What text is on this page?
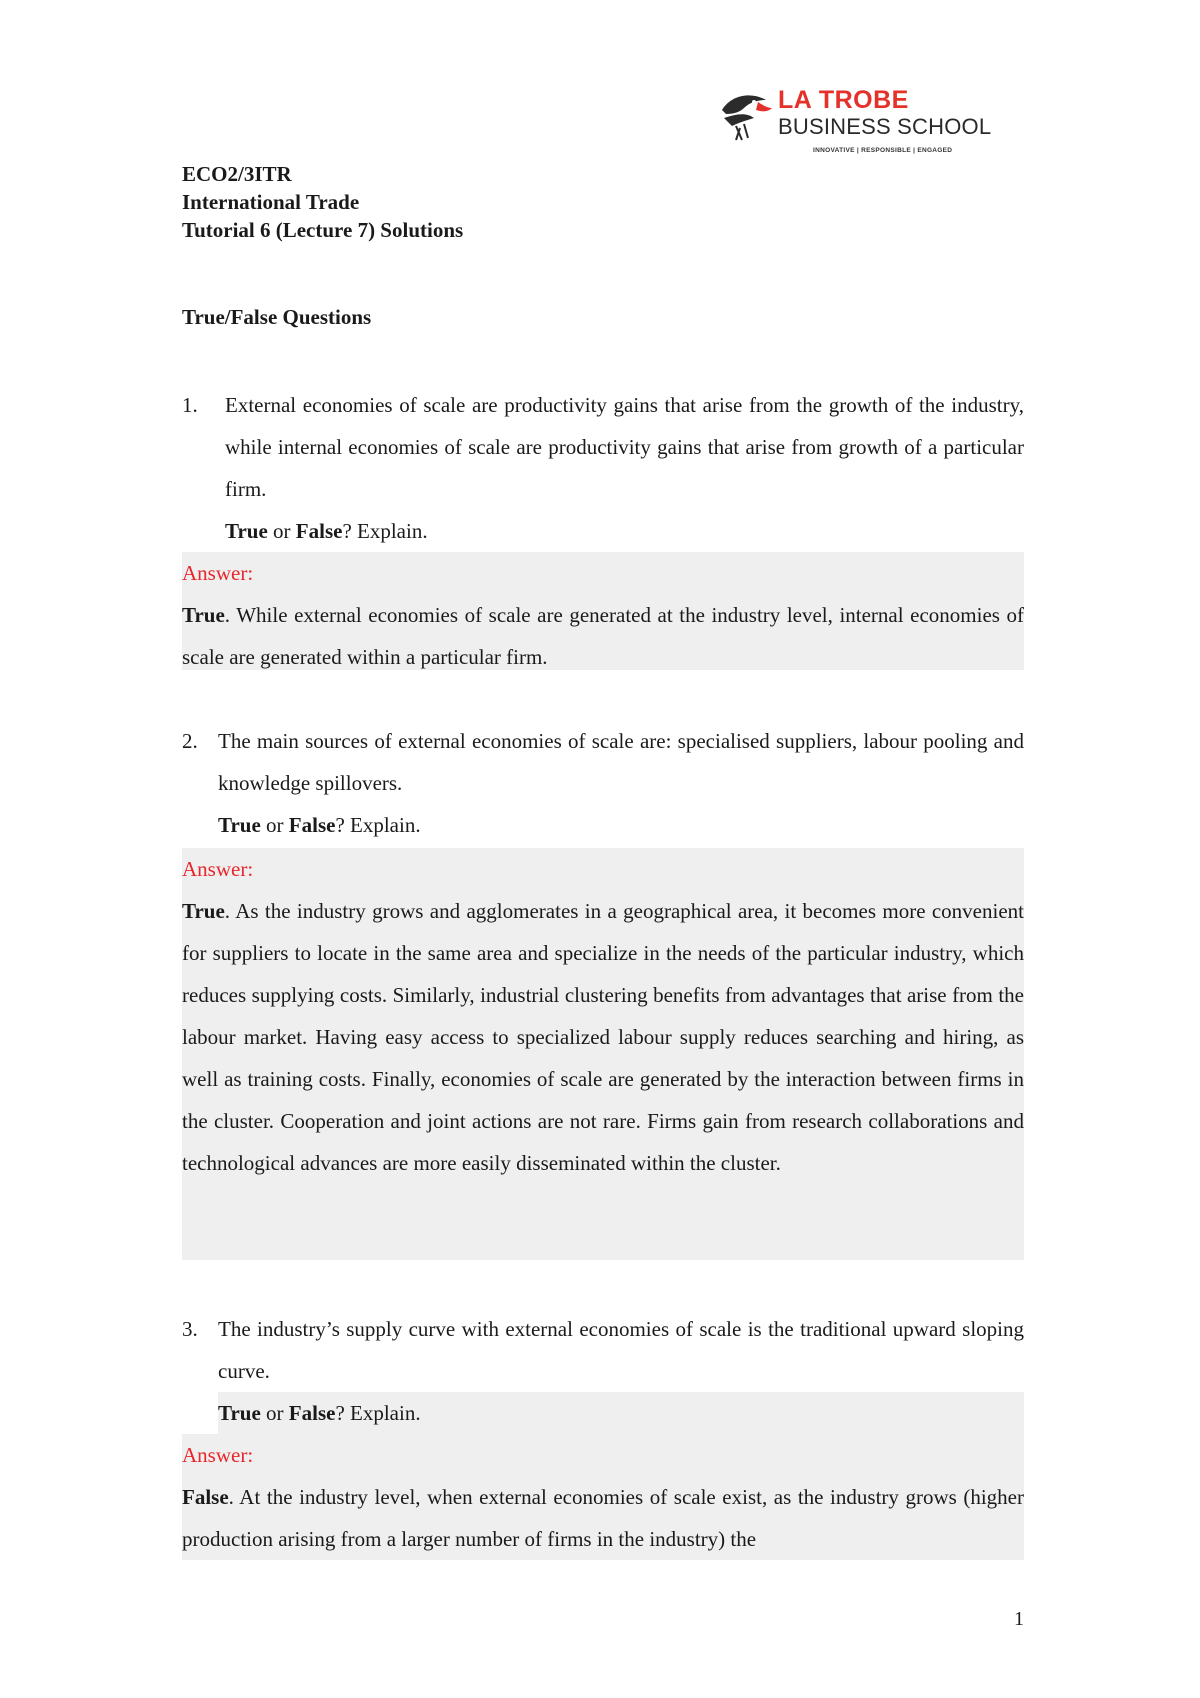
LA TROBE
BUSINESS SCHOOL
INNOVATIVE | RESPONSIBLE | ENGAGED
ECO2/3ITR
International Trade
Tutorial 6 (Lecture 7) Solutions
True/False Questions
1. External economies of scale are productivity gains that arise from the growth of the industry, while internal economies of scale are productivity gains that arise from growth of a particular firm.
True or False? Explain.
Answer:
True. While external economies of scale are generated at the industry level, internal economies of scale are generated within a particular firm.
2. The main sources of external economies of scale are: specialised suppliers, labour pooling and knowledge spillovers.
True or False? Explain.
Answer:
True. As the industry grows and agglomerates in a geographical area, it becomes more convenient for suppliers to locate in the same area and specialize in the needs of the particular industry, which reduces supplying costs. Similarly, industrial clustering benefits from advantages that arise from the labour market. Having easy access to specialized labour supply reduces searching and hiring, as well as training costs. Finally, economies of scale are generated by the interaction between firms in the cluster. Cooperation and joint actions are not rare. Firms gain from research collaborations and technological advances are more easily disseminated within the cluster.
3. The industry’s supply curve with external economies of scale is the traditional upward sloping curve.
True or False? Explain.
Answer:
False. At the industry level, when external economies of scale exist, as the industry grows (higher production arising from a larger number of firms in the industry) the
1
